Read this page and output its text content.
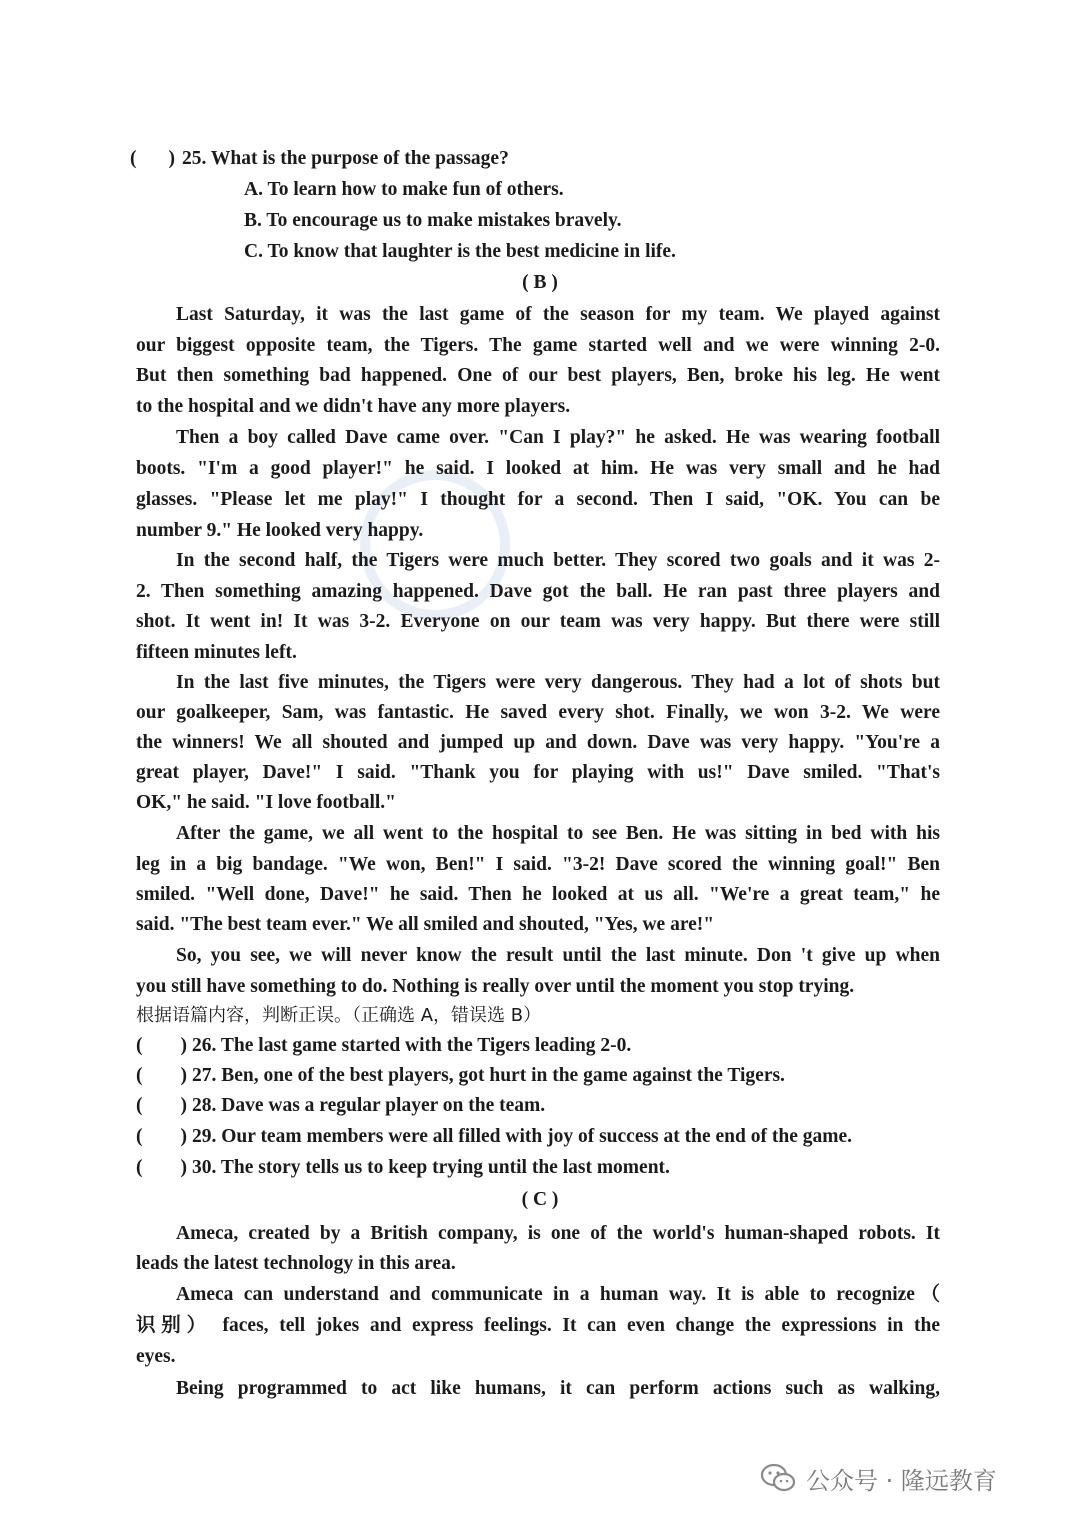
( ) 25. What is the purpose of the passage?

A. To learn how to make fun of others.

B. To encourage us to make mistakes bravely.

C. To know that laughter is the best medicine in life.

( B )

Last Saturday, it was the last game of the season for my team. We played against

our biggest opposite team, the Tigers. The game started well and we were winning 2-0.

But then something bad happened. One of our best players, Ben, broke his leg. He went

to the hospital and we didn't have any more players.

Then a boy called Dave came over. "Can I play?" he asked. He was wearing football

boots. "I'm a good player!" he said. I looked at him. He was very small and he had

glasses. "Please let me play!" I thought for a second. Then I said, "OK. You can be

number 9." He looked very happy.

In the second half, the Tigers were much better. They scored two goals and it was 2-

2. Then something amazing happened. Dave got the ball. He ran past three players and

shot. It went in! It was 3-2. Everyone on our team was very happy. But there were still

fifteen minutes left.

In the last five minutes, the Tigers were very dangerous. They had a lot of shots but

our goalkeeper, Sam, was fantastic. He saved every shot. Finally, we won 3-2. We were

the winners! We all shouted and jumped up and down. Dave was very happy. "You're a

great player, Dave!" I said. "Thank you for playing with us!" Dave smiled. "That's

OK," he said. "I love football."

After the game, we all went to the hospital to see Ben. He was sitting in bed with his

leg in a big bandage. "We won, Ben!" I said. "3-2! Dave scored the winning goal!" Ben

smiled. "Well done, Dave!" he said. Then he looked at us all. "We're a great team," he

said. "The best team ever." We all smiled and shouted, "Yes, we are!"

So, you see, we will never know the result until the last minute. Don 't give up when

you still have something to do. Nothing is really over until the moment you stop trying.

根据语篇内容，判断正误。（正确选 A，错误选 B）

( ) 26. The last game started with the Tigers leading 2-0.

( ) 27. Ben, one of the best players, got hurt in the game against the Tigers.

( ) 28. Dave was a regular player on the team.

( ) 29. Our team members were all filled with joy of success at the end of the game.

( ) 30. The story tells us to keep trying until the last moment.

( C )

Ameca, created by a British company, is one of the world's human-shaped robots. It

leads the latest technology in this area.

Ameca can understand and communicate in a human way. It is able to recognize（

识别） faces, tell jokes and express feelings. It can even change the expressions in the

eyes.

Being programmed to act like humans, it can perform actions such as walking,

公众号 · 隆远教育
